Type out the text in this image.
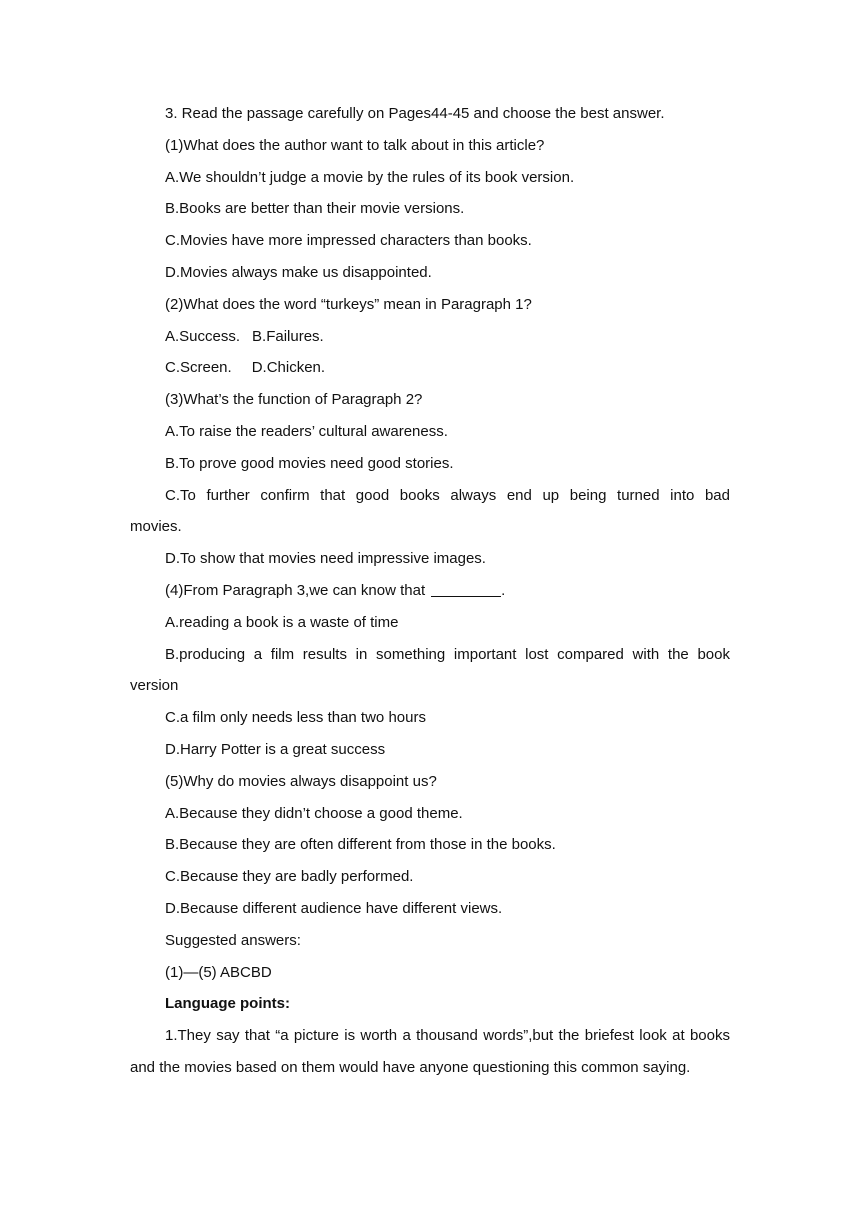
3. Read the passage carefully on Pages44-45 and choose the best answer.
(1)What does the author want to talk about in this article?
A.We shouldn’t judge a movie by the rules of its book version.
B.Books are better than their movie versions.
C.Movies have more impressed characters than books.
D.Movies always make us disappointed.
(2)What does the word “turkeys” mean in Paragraph 1?
A.Success. B.Failures.
C.Screen. D.Chicken.
(3)What’s the function of Paragraph 2?
A.To raise the readers’ cultural awareness.
B.To prove good movies need good stories.
C.To further confirm that good books always end up being turned into bad
movies.
D.To show that movies need impressive images.
(4)From Paragraph 3,we can know that	.
A.reading a book is a waste of time
B.producing a film results in something important lost compared with the book
version
C.a film only needs less than two hours
D.Harry Potter is a great success
(5)Why do movies always disappoint us?
A.Because they didn’t choose a good theme.
B.Because they are often different from those in the books.
C.Because they are badly performed.
D.Because different audience have different views.
Suggested answers:
(1)—(5) ABCBD
Language points:
1.They say that “a picture is worth a thousand words”,but the briefest look at books and the movies based on them would have anyone questioning this common saying.
